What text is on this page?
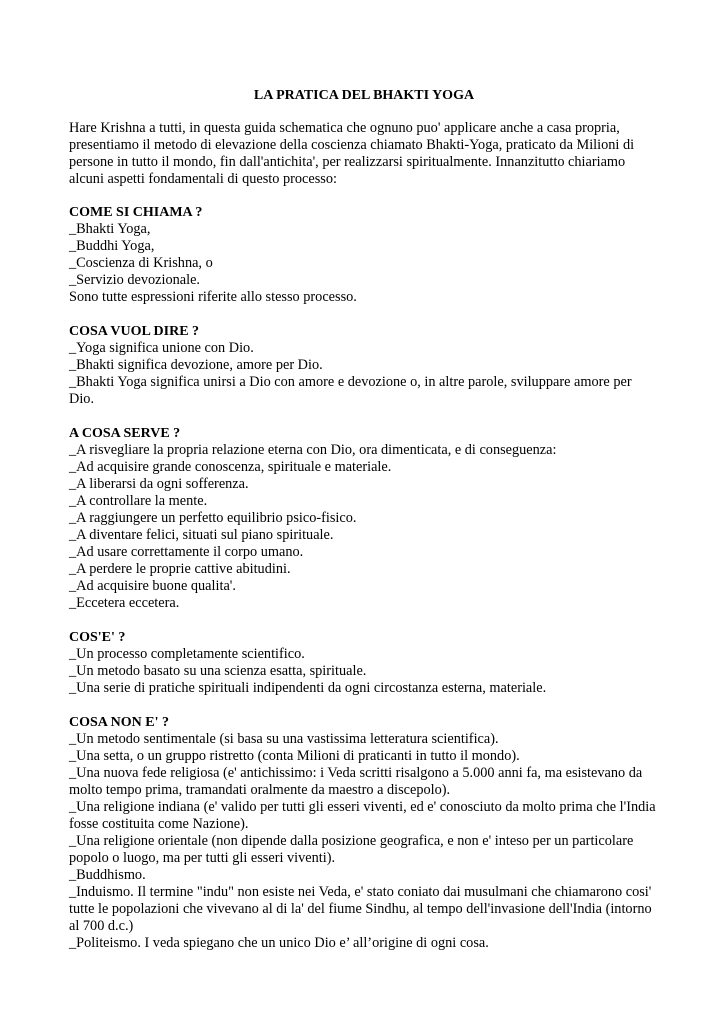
LA PRATICA DEL BHAKTI YOGA

Hare Krishna a tutti, in questa guida schematica che ognuno puo' applicare anche a casa propria, presentiamo il metodo di elevazione della coscienza chiamato Bhakti-Yoga, praticato da Milioni di persone in tutto il mondo, fin dall'antichita', per realizzarsi spiritualmente. Innanzitutto chiariamo alcuni aspetti fondamentali di questo processo:

COME SI CHIAMA ?
_Bhakti Yoga,
_Buddhi Yoga,
_Coscienza di Krishna, o
_Servizio devozionale.
Sono tutte espressioni riferite allo stesso processo.
COSA VUOL DIRE ?
_Yoga significa unione con Dio.
_Bhakti significa devozione, amore per Dio.
_Bhakti Yoga significa unirsi a Dio con amore e devozione o, in altre parole, sviluppare amore per Dio.
A COSA SERVE ?
_A risvegliare la propria relazione eterna con Dio, ora dimenticata, e di conseguenza:
_Ad acquisire grande conoscenza, spirituale e materiale.
_A liberarsi da ogni sofferenza.
_A controllare la mente.
_A raggiungere un perfetto equilibrio psico-fisico.
_A diventare felici, situati sul piano spirituale.
_Ad usare correttamente il corpo umano.
_A perdere le proprie cattive abitudini.
_Ad acquisire buone qualita'.
_Eccetera eccetera.
COS'E' ?
_Un processo completamente scientifico.
_Un metodo basato su una scienza esatta, spirituale.
_Una serie di pratiche spirituali indipendenti da ogni circostanza esterna, materiale.
COSA NON E' ?
_Un metodo sentimentale (si basa su una vastissima letteratura scientifica).
_Una setta, o un gruppo ristretto (conta Milioni di praticanti in tutto il mondo).
_Una nuova fede religiosa (e' antichissimo: i Veda scritti risalgono a 5.000 anni fa, ma esistevano da molto tempo prima, tramandati oralmente da maestro a discepolo).
_Una religione indiana (e' valido per tutti gli esseri viventi, ed e' conosciuto da molto prima che l'India fosse costituita come Nazione).
_Una religione orientale (non dipende dalla posizione geografica, e non e' inteso per un particolare popolo o luogo, ma per tutti gli esseri viventi).
_Buddhismo.
_Induismo. Il termine "indu" non esiste nei Veda, e' stato coniato dai musulmani che chiamarono cosi' tutte le popolazioni che vivevano al di la' del fiume Sindhu, al tempo dell'invasione dell'India (intorno al 700 d.c.)
_Politeismo. I veda spiegano che un unico Dio e’ all’origine di ogni cosa.
